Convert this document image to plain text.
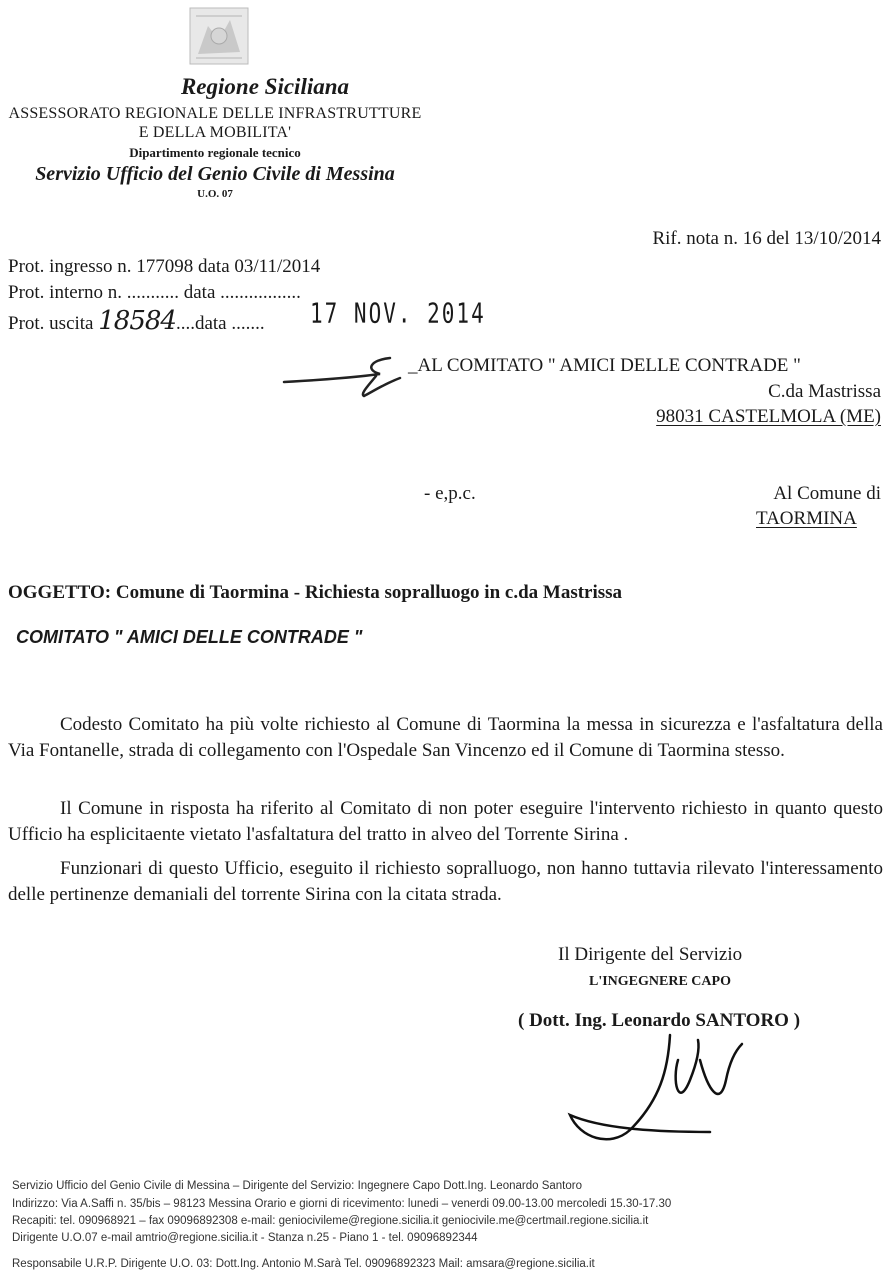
Regione Siciliana
ASSESSORATO REGIONALE DELLE INFRASTRUTTURE
E DELLA MOBILITA'
Dipartimento regionale tecnico
Servizio Ufficio del Genio Civile di Messina
U.O. 07
Rif. nota n. 16 del 13/10/2014
Prot. ingresso n. 177098 data 03/11/2014
Prot. interno n. ........... data .................
Prot. uscita 18584....data ....... 17 NOV. 2014
_AL COMITATO " AMICI DELLE CONTRADE "
C.da Mastrissa
98031 CASTELMOLA (ME)
- e,p.c.	Al Comune di
TAORMINA
OGGETTO: Comune di Taormina - Richiesta sopralluogo in c.da Mastrissa
COMITATO " AMICI DELLE CONTRADE "
Codesto Comitato ha più volte richiesto al Comune di Taormina la messa in sicurezza e l'asfaltatura della Via Fontanelle, strada di collegamento con l'Ospedale San Vincenzo ed il Comune di Taormina stesso.
Il Comune in risposta ha riferito al Comitato di non poter eseguire l'intervento richiesto in quanto questo Ufficio ha esplicitaente vietato l'asfaltatura del tratto in alveo del Torrente Sirina .
Funzionari di questo Ufficio, eseguito il richiesto sopralluogo, non hanno tuttavia rilevato l'interessamento delle pertinenze demaniali del torrente Sirina con la citata strada.
Il Dirigente del Servizio
L'INGEGNERE CAPO
( Dott. Ing. Leonardo SANTORO )
Servizio Ufficio del Genio Civile di Messina – Dirigente del Servizio: Ingegnere Capo Dott.Ing. Leonardo Santoro
Indirizzo: Via A.Saffi n. 35/bis – 98123 Messina Orario e giorni di ricevimento: lunedi – venerdi 09.00-13.00 mercoledi 15.30-17.30
Recapiti: tel. 090968921 – fax 09096892308 e-mail: geniocivileme@regione.sicilia.it geniocivile.me@certmail.regione.sicilia.it
Dirigente U.O.07 e-mail amtrio@regione.sicilia.it - Stanza n.25 - Piano 1 - tel. 09096892344
Responsabile U.R.P. Dirigente U.O. 03: Dott.Ing. Antonio M.Sarà Tel. 09096892323 Mail: amsara@regione.sicilia.it
